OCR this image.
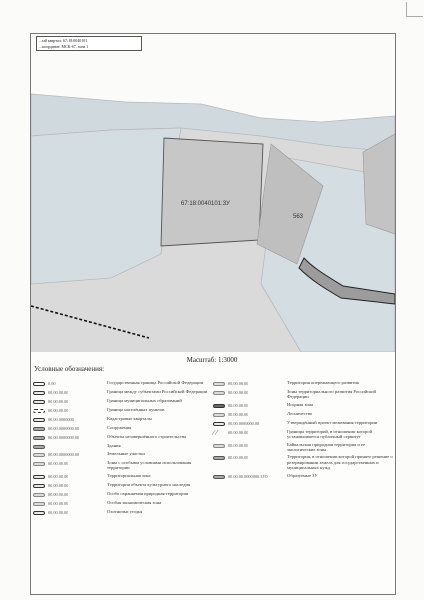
67:18:0040101:3У
563
...ый квартал: 67:18:0040101
...координат: МСК-67, зона 1
Масштаб: 1:3000
Условные обозначения:
0.00	Государственная граница Российской Федерации
00.00.00.00	Граница между субъектами Российской Федерации
00.00.00.00	Граница муниципальных образований
00.00.00.00	Граница населённых пунктов
00.00.0000000	Кадастровые кварталы
00.00.0000000.00	Сооружения
00.00.0000000.00	Объекты незавершённого строительства
Здания
00.00.0000000.00	Земельные участки
00.00.00.00	Зоны с особыми условиями использования территории
00.00.00.00	Территориальная зона
00.00.00.00	Территория объекта культурного наследия
00.00.00.00	Особо охраняемая природная территория
00.00.00.00	Особая экономическая зона
00.00.00.00	Охотничьи угодья
00.00.00.00	Территория опережающего развития
00.00.00.00	Зоны территориального развития Российской Федерации
00.00.00.00	Игорная зона
00.00.00.00	Лесничество
00.00.0000000.00	Утверждённый проект межевания территории
⁄ ⁄	00.00.00.00	Границы территорий, в отношении которой устанавливается публичный сервитут
00.00.00.00	Байкальская природная территория и ее экологические зоны
00.00.00.00	Территория, в отношении которой принято решение о резервировании земель для государственных и муниципальных нужд
00.00.00.0000000.3У0	Образуемые ЗУ
